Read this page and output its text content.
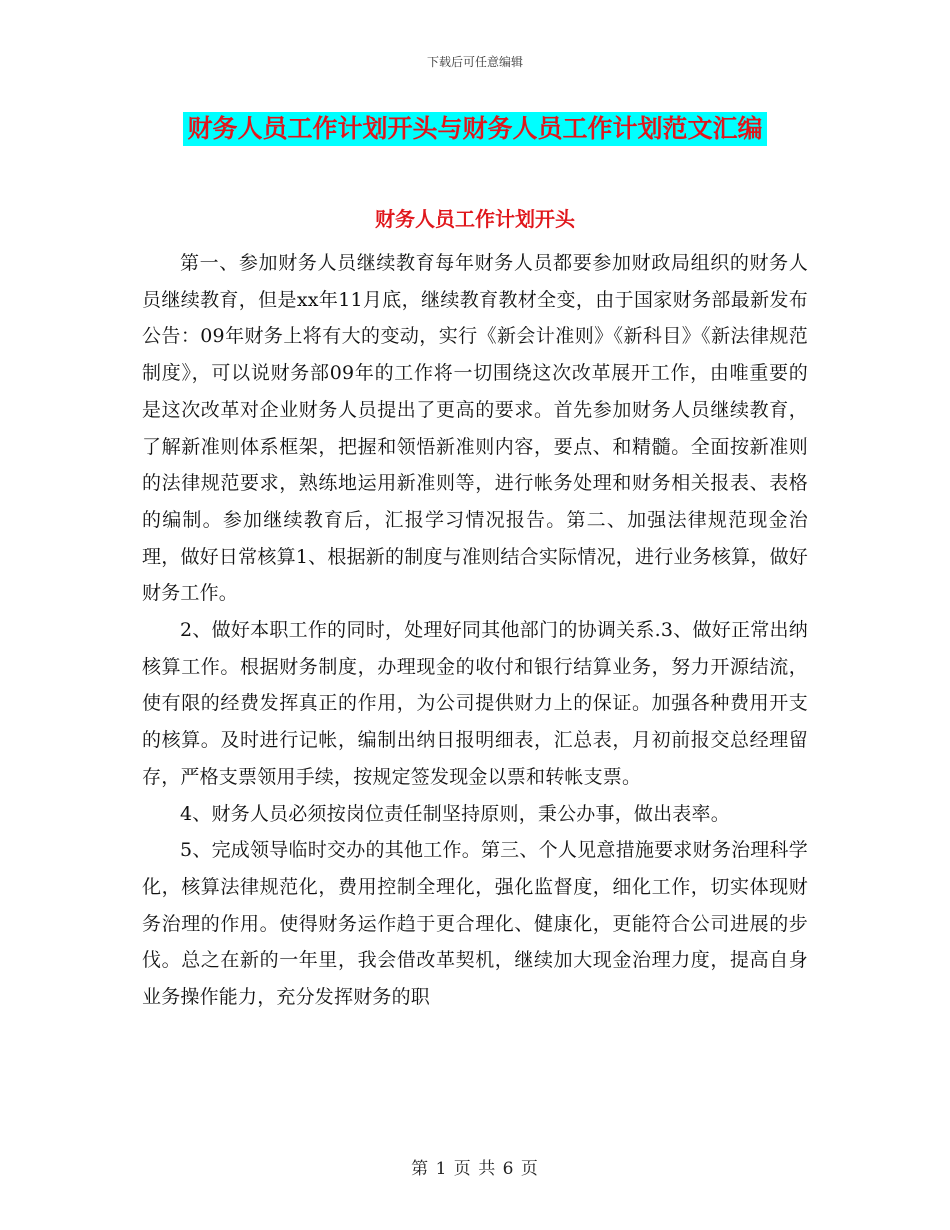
下载后可任意编辑
财务人员工作计划开头与财务人员工作计划范文汇编
财务人员工作计划开头

第一、参加财务人员继续教育每年财务人员都要参加财政局组织的财务人员继续教育，但是xx年11月底，继续教育教材全变，由于国家财务部最新发布公告：09年财务上将有大的变动，实行《新会计准则》《新科目》《新法律规范制度》，可以说财务部09年的工作将一切围绕这次改革展开工作，由唯重要的是这次改革对企业财务人员提出了更高的要求。首先参加财务人员继续教育，了解新准则体系框架，把握和领悟新准则内容，要点、和精髓。全面按新准则的法律规范要求，熟练地运用新准则等，进行帐务处理和财务相关报表、表格的编制。参加继续教育后，汇报学习情况报告。第二、加强法律规范现金治理，做好日常核算1、根据新的制度与准则结合实际情况，进行业务核算，做好财务工作。

2、做好本职工作的同时，处理好同其他部门的协调关系.3、做好正常出纳核算工作。根据财务制度，办理现金的收付和银行结算业务，努力开源结流，使有限的经费发挥真正的作用，为公司提供财力上的保证。加强各种费用开支的核算。及时进行记帐，编制出纳日报明细表，汇总表，月初前报交总经理留存，严格支票领用手续，按规定签发现金以票和转帐支票。

4、财务人员必须按岗位责任制坚持原则，秉公办事，做出表率。

5、完成领导临时交办的其他工作。第三、个人见意措施要求财务治理科学化，核算法律规范化，费用控制全理化，强化监督度，细化工作，切实体现财务治理的作用。使得财务运作趋于更合理化、健康化，更能符合公司进展的步伐。总之在新的一年里，我会借改革契机，继续加大现金治理力度，提高自身业务操作能力，充分发挥财务的职

第 1 页 共 6 页
